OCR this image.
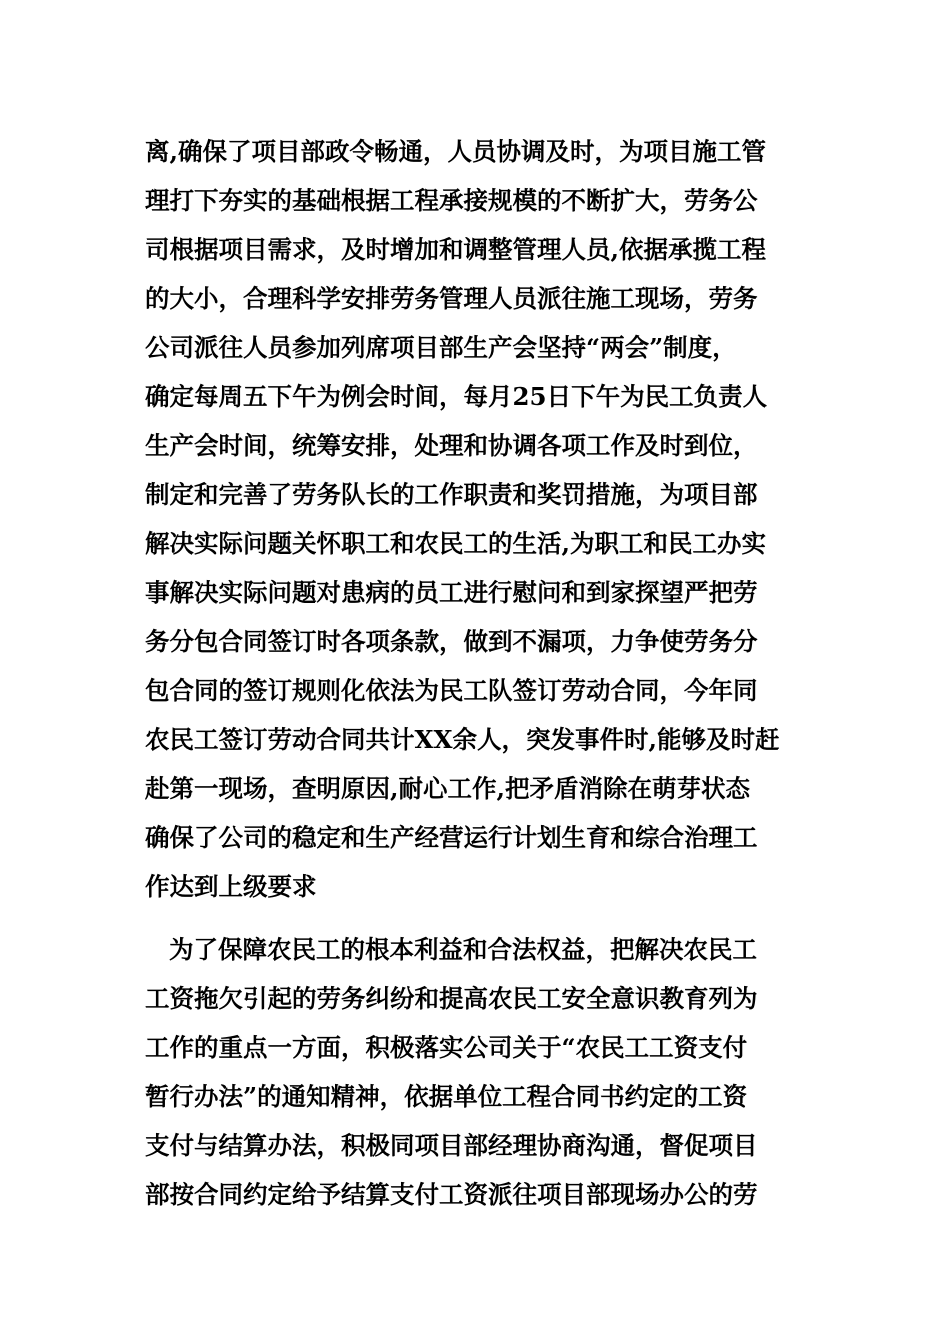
离,确保了项目部政令畅通，人员协调及时，为项目施工管
理打下夯实的基础根据工程承接规模的不断扩大，劳务公
司根据项目需求，及时增加和调整管理人员,依据承揽工程
的大小，合理科学安排劳务管理人员派往施工现场，劳务
公司派往人员参加列席项目部生产会坚持“两会”制度，
确定每周五下午为例会时间，每月25日下午为民工负责人
生产会时间，统筹安排，处理和协调各项工作及时到位，
制定和完善了劳务队长的工作职责和奖罚措施，为项目部
解决实际问题关怀职工和农民工的生活,为职工和民工办实
事解决实际问题对患病的员工进行慰问和到家探望严把劳
务分包合同签订时各项条款，做到不漏项，力争使劳务分
包合同的签订规则化依法为民工队签订劳动合同，今年同
农民工签订劳动合同共计XX余人，突发事件时,能够及时赶
赴第一现场，查明原因,耐心工作,把矛盾消除在萌芽状态
确保了公司的稳定和生产经营运行计划生育和综合治理工
作达到上级要求
为了保障农民工的根本利益和合法权益，把解决农民工
工资拖欠引起的劳务纠纷和提高农民工安全意识教育列为
工作的重点一方面，积极落实公司关于“农民工工资支付
暂行办法”的通知精神，依据单位工程合同书约定的工资
支付与结算办法，积极同项目部经理协商沟通，督促项目
部按合同约定给予结算支付工资派往项目部现场办公的劳
